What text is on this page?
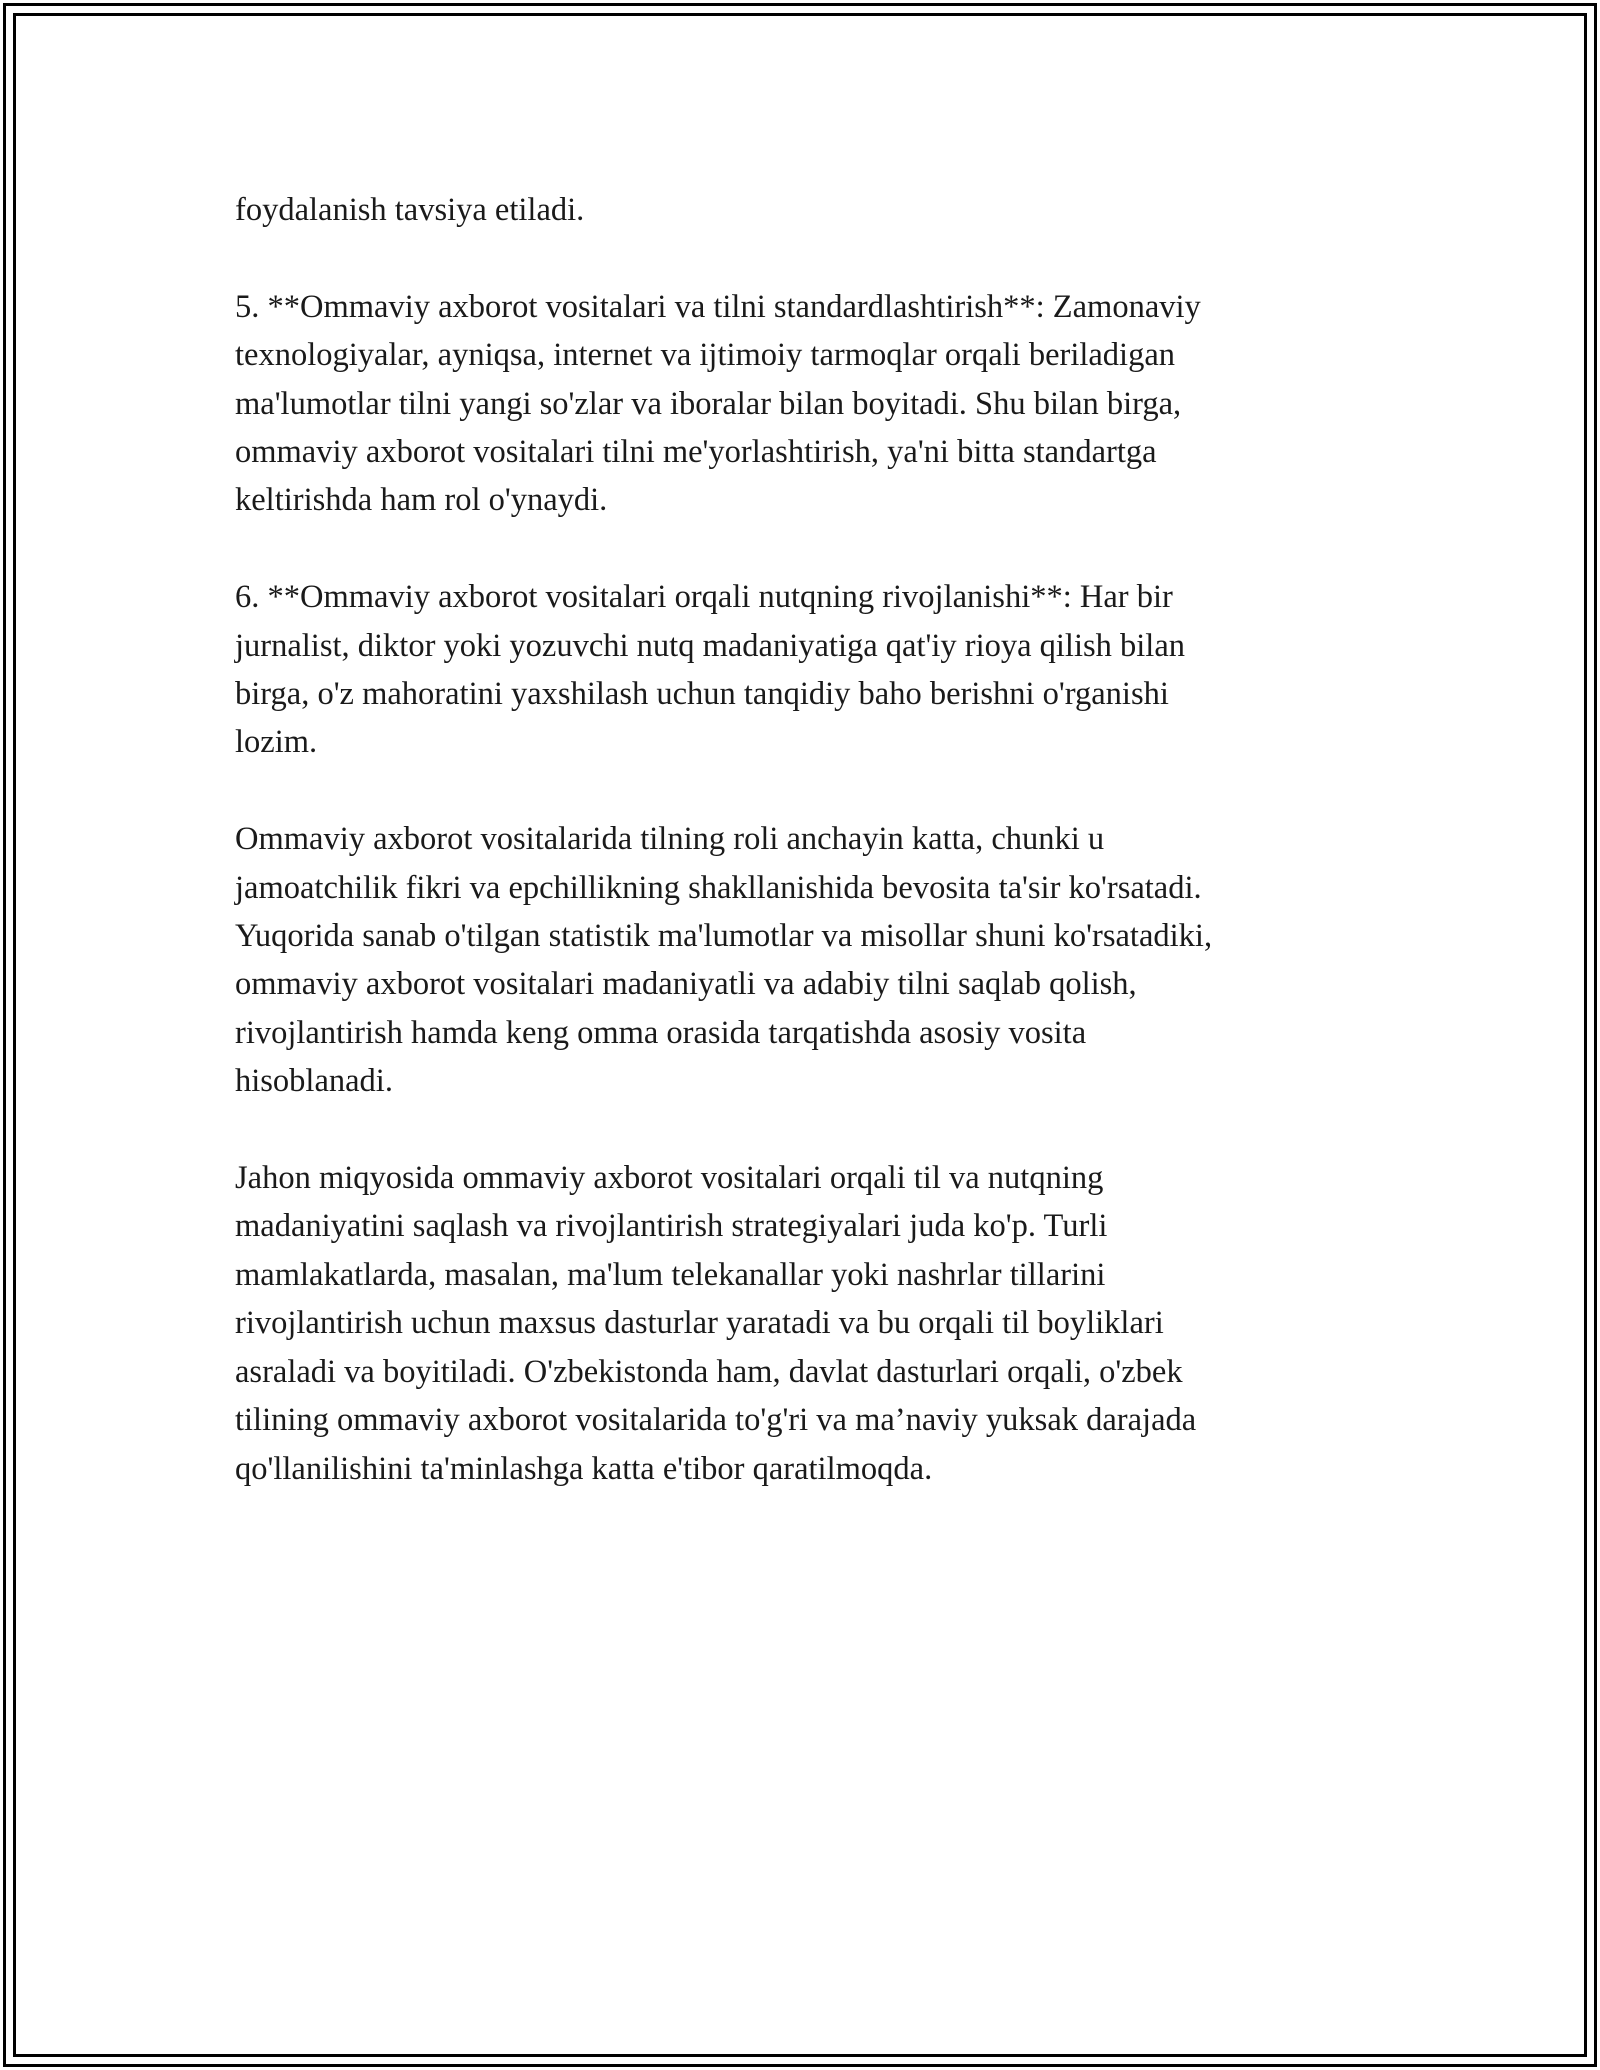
foydalanish tavsiya etiladi.

5. **Ommaviy axborot vositalari va tilni standardlashtirish**: Zamonaviy
texnologiyalar, ayniqsa, internet va ijtimoiy tarmoqlar orqali beriladigan
ma'lumotlar tilni yangi so'zlar va iboralar bilan boyitadi. Shu bilan birga,
ommaviy axborot vositalari tilni me'yorlashtirish, ya'ni bitta standartga
keltirishda ham rol o'ynaydi.

6. **Ommaviy axborot vositalari orqali nutqning rivojlanishi**: Har bir
jurnalist, diktor yoki yozuvchi nutq madaniyatiga qat'iy rioya qilish bilan
birga, o'z mahoratini yaxshilash uchun tanqidiy baho berishni o'rganishi
lozim.

Ommaviy axborot vositalarida tilning roli anchayin katta, chunki u
jamoatchilik fikri va epchillikning shakllanishida bevosita ta'sir ko'rsatadi.
Yuqorida sanab o'tilgan statistik ma'lumotlar va misollar shuni ko'rsatadiki,
ommaviy axborot vositalari madaniyatli va adabiy tilni saqlab qolish,
rivojlantirish hamda keng omma orasida tarqatishda asosiy vosita
hisoblanadi.

Jahon miqyosida ommaviy axborot vositalari orqali til va nutqning
madaniyatini saqlash va rivojlantirish strategiyalari juda ko'p. Turli
mamlakatlarda, masalan, ma'lum telekanallar yoki nashrlar tillarini
rivojlantirish uchun maxsus dasturlar yaratadi va bu orqali til boyliklari
asraladi va boyitiladi. O'zbekistonda ham, davlat dasturlari orqali, o'zbek
tilining ommaviy axborot vositalarida to'g'ri va ma’naviy yuksak darajada
qo'llanilishini ta'minlashga katta e'tibor qaratilmoqda.
